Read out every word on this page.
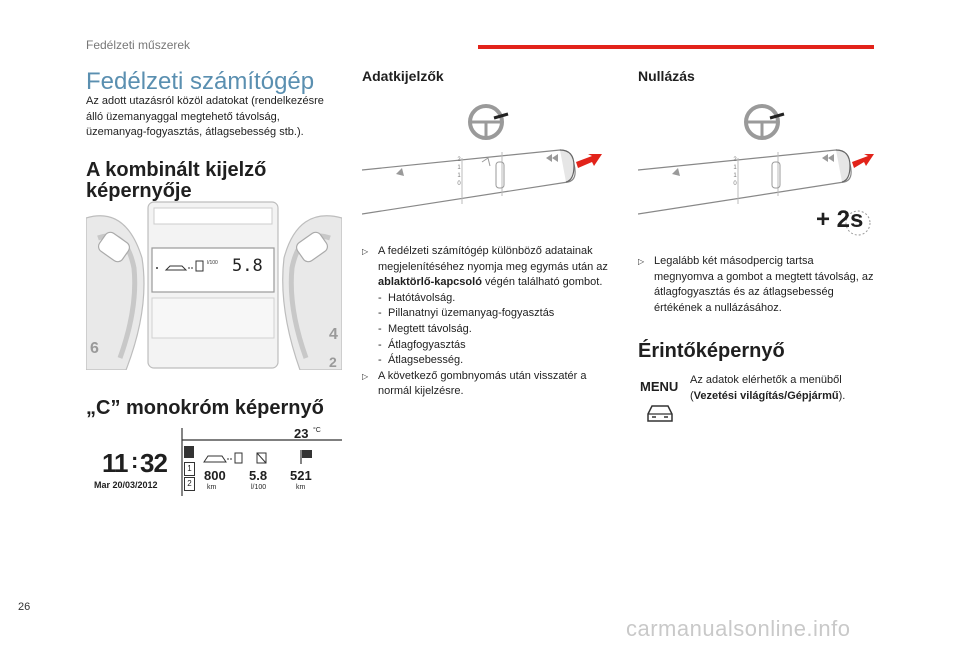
Fedélzeti műszerek
Fedélzeti számítógép
Az adott utazásról közöl adatokat (rendelkezésre álló üzemanyaggal megtehető távolság, üzemanyag-fogyasztás, átlagsebesség stb.).
A kombinált kijelző
képernyője
l/100 5.8
6
4
2
„C” monokróm képernyő
11 : 32
Mar 20/03/2012
23 °C
1
2
800
km
5.8
l/100
521
km
Adatkijelzők
2
1
1
0
▷ A fedélzeti számítógép különböző adatainak megjelenítéséhez nyomja meg egymás után az ablaktörlő-kapcsoló végén található gombot.
- Hatótávolság.
- Pillanatnyi üzemanyag-fogyasztás
- Megtett távolság.
- Átlagfogyasztás
- Átlagsebesség.
▷ A következő gombnyomás után visszatér a normál kijelzésre.
Nullázás
2
1
1
0
+ 2s
▷ Legalább két másodpercig tartsa megnyomva a gombot a megtett távolság, az átlagfogyasztás és az átlagsebesség értékének a nullázásához.
Érintőképernyő
MENU Az adatok elérhetők a menüből (Vezetési világítás/Gépjármű).
26
carmanualsonline.info
